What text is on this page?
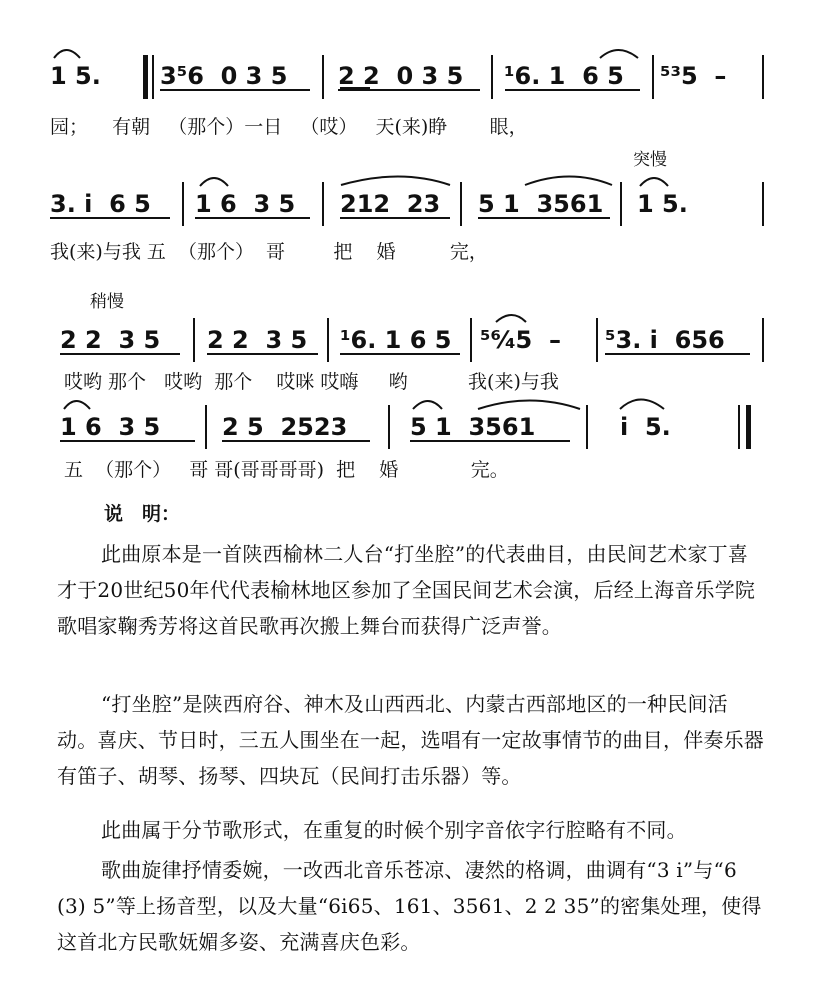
1 5. 3⁵6  0 3 5 2 2  0 3 5 ¹6. 1  6 5 ⁵³5  –
园；    有朝   （那个）一日   （哎）   天(来)睁       眼，
突慢
3. i  6 5 1 6  3 5 212  23 5 1  3561 1 5.
我(来)与我 五  （那个）  哥        把    婚         完，
稍慢
2 2  3 5 2 2  3 5 ¹6. 1 6 5 ⁵⁶⁄₄5  – ⁵3. i  656
哎哟 那个   哎哟  那个    哎咪 哎嗨     哟          我(来)与我
1 6  3 5	2 5  2523	5 1  3561	i  5.
五  （那个）   哥 哥(哥哥哥哥)  把    婚            完。
说　明：
此曲原本是一首陕西榆林二人台“打坐腔”的代表曲目，由民间艺术家丁喜才于20世纪50年代代表榆林地区参加了全国民间艺术会演，后经上海音乐学院歌唱家鞠秀芳将这首民歌再次搬上舞台而获得广泛声誉。
“打坐腔”是陕西府谷、神木及山西西北、内蒙古西部地区的一种民间活动。喜庆、节日时，三五人围坐在一起，选唱有一定故事情节的曲目，伴奏乐器有笛子、胡琴、扬琴、四块瓦（民间打击乐器）等。
此曲属于分节歌形式，在重复的时候个别字音依字行腔略有不同。
歌曲旋律抒情委婉，一改西北音乐苍凉、凄然的格调，曲调有“3 i”与“6 (3) 5”等上扬音型，以及大量“6i65、161、3561、2 2 35”的密集处理，使得这首北方民歌妩媚多姿、充满喜庆色彩。
